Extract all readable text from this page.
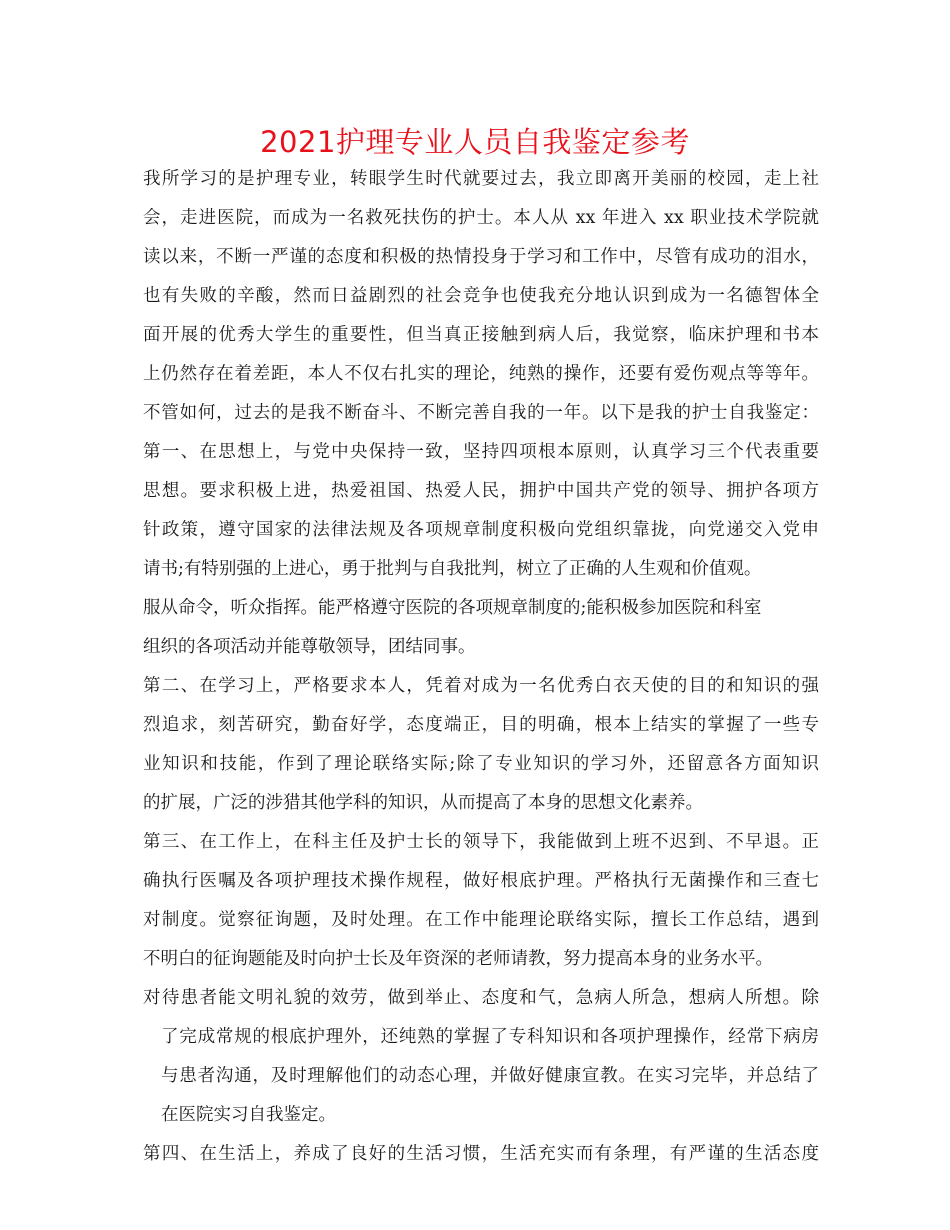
2021护理专业人员自我鉴定参考
我所学习的是护理专业，转眼学生时代就要过去，我立即离开美丽的校园，走上社
会，走进医院，而成为一名救死扶伤的护士。本人从 xx 年进入 xx 职业技术学院就
读以来，不断一严谨的态度和积极的热情投身于学习和工作中，尽管有成功的泪水，
也有失败的辛酸，然而日益剧烈的社会竞争也使我充分地认识到成为一名德智体全
面开展的优秀大学生的重要性，但当真正接触到病人后，我觉察，临床护理和书本
上仍然存在着差距，本人不仅右扎实的理论，纯熟的操作，还要有爱伤观点等等年。
不管如何，过去的是我不断奋斗、不断完善自我的一年。以下是我的护士自我鉴定：
第一、在思想上，与党中央保持一致，坚持四项根本原则，认真学习三个代表重要
思想。要求积极上进，热爱祖国、热爱人民，拥护中国共产党的领导、拥护各项方
针政策，遵守国家的法律法规及各项规章制度积极向党组织靠拢，向党递交入党申
请书;有特别强的上进心，勇于批判与自我批判，树立了正确的人生观和价值观。
服从命令，听众指挥。能严格遵守医院的各项规章制度的;能积极参加医院和科室
组织的各项活动并能尊敬领导，团结同事。
第二、在学习上，严格要求本人，凭着对成为一名优秀白衣天使的目的和知识的强
烈追求，刻苦研究，勤奋好学，态度端正，目的明确，根本上结实的掌握了一些专
业知识和技能，作到了理论联络实际;除了专业知识的学习外，还留意各方面知识
的扩展，广泛的涉猎其他学科的知识，从而提高了本身的思想文化素养。
第三、在工作上，在科主任及护士长的领导下，我能做到上班不迟到、不早退。正
确执行医嘱及各项护理技术操作规程，做好根底护理。严格执行无菌操作和三查七
对制度。觉察征询题，及时处理。在工作中能理论联络实际，擅长工作总结，遇到
不明白的征询题能及时向护士长及年资深的老师请教，努力提高本身的业务水平。
对待患者能文明礼貌的效劳，做到举止、态度和气，急病人所急，想病人所想。除
了完成常规的根底护理外，还纯熟的掌握了专科知识和各项护理操作，经常下病房
与患者沟通，及时理解他们的动态心理，并做好健康宣教。在实习完毕，并总结了
在医院实习自我鉴定。
第四、在生活上，养成了良好的生活习惯，生活充实而有条理，有严谨的生活态度
